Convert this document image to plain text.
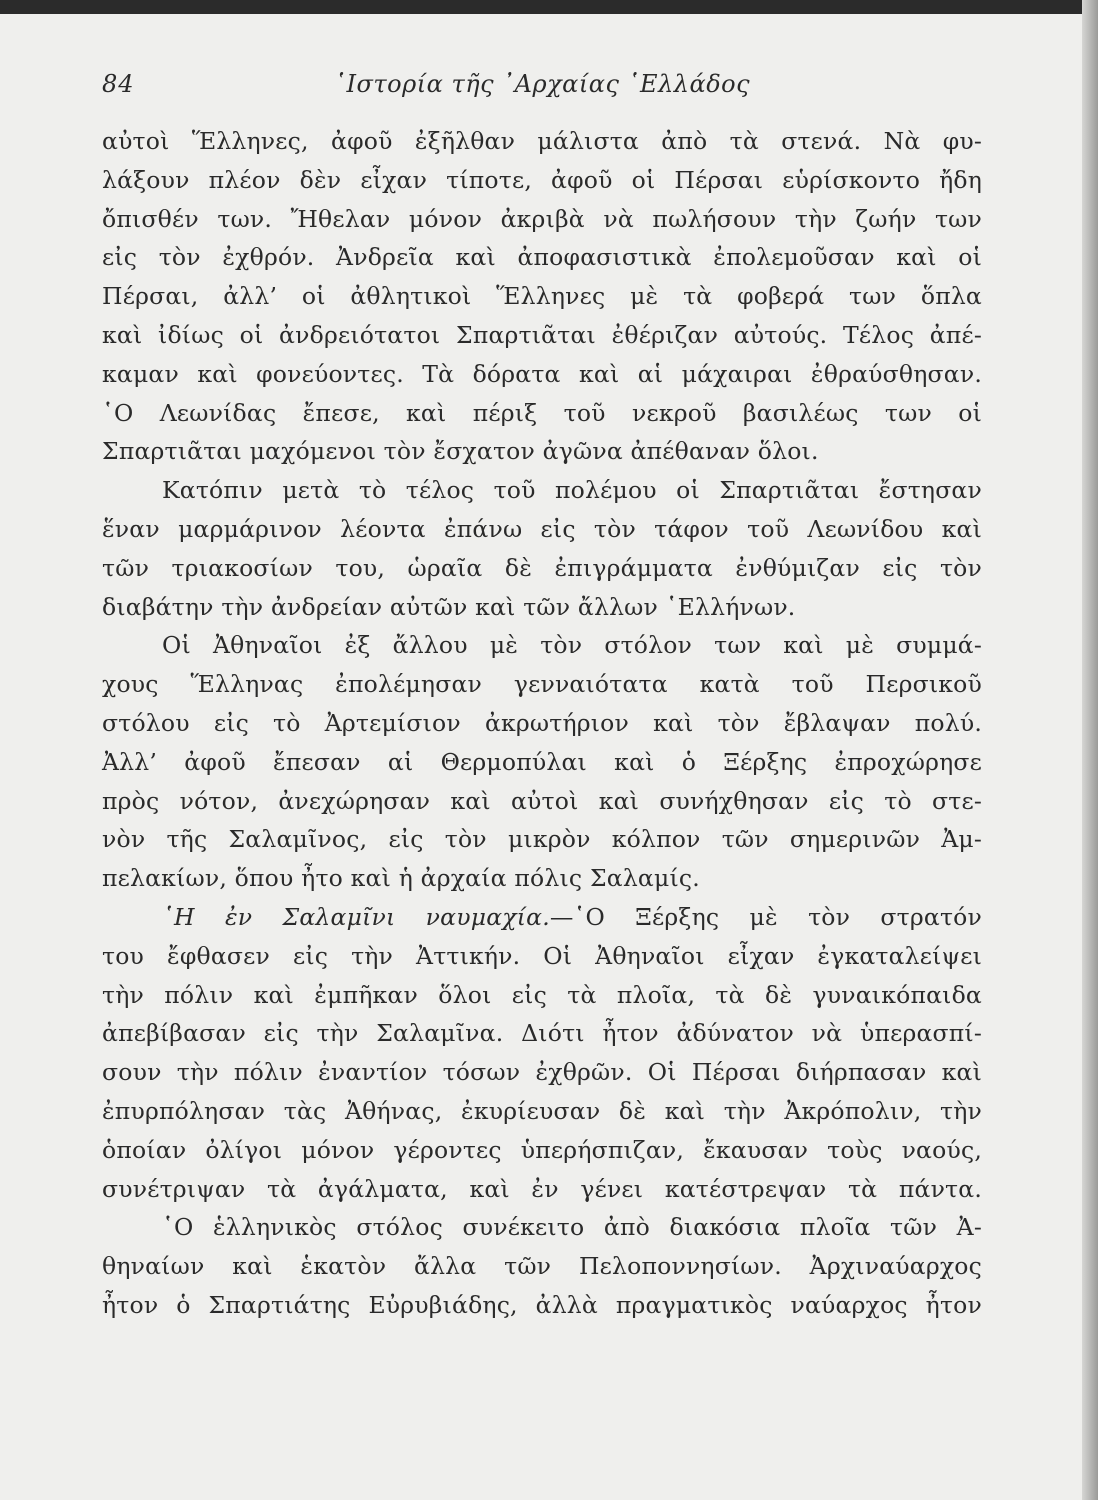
84	῾Ιστορία τῆς ᾿Αρχαίας ῾Ελλάδος
αὐτοὶ Ἕλληνες, ἀφοῦ ἐξῆλθαν μάλιστα ἀπὸ τὰ στενά. Νὰ φυ-
λάξουν πλέον δὲν εἶχαν τίποτε, ἀφοῦ οἱ Πέρσαι εὑρίσκοντο ἤδη
ὄπισθέν των. Ἤθελαν μόνον ἀκριβὰ νὰ πωλήσουν τὴν ζωήν των
εἰς τὸν ἐχθρόν. Ἀνδρεῖα καὶ ἀποφασιστικὰ ἐπολεμοῦσαν καὶ οἱ
Πέρσαι, ἀλλ’ οἱ ἀθλητικοὶ Ἕλληνες μὲ τὰ φοβερά των ὅπλα
καὶ ἰδίως οἱ ἀνδρειότατοι Σπαρτιᾶται ἐθέριζαν αὐτούς. Τέλος ἀπέ-
καμαν καὶ φονεύοντες. Τὰ δόρατα καὶ αἱ μάχαιραι ἐθραύσθησαν.
῾Ο Λεωνίδας ἔπεσε, καὶ πέριξ τοῦ νεκροῦ βασιλέως των οἱ
Σπαρτιᾶται μαχόμενοι τὸν ἔσχατον ἀγῶνα ἀπέθαναν ὅλοι.
Κατόπιν μετὰ τὸ τέλος τοῦ πολέμου οἱ Σπαρτιᾶται ἔστησαν
ἕναν μαρμάρινον λέοντα ἐπάνω εἰς τὸν τάφον τοῦ Λεωνίδου καὶ
τῶν τριακοσίων του, ὡραῖα δὲ ἐπιγράμματα ἐνθύμιζαν εἰς τὸν
διαβάτην τὴν ἀνδρείαν αὐτῶν καὶ τῶν ἄλλων ῾Ελλήνων.
Οἱ Ἀθηναῖοι ἐξ ἄλλου μὲ τὸν στόλον των καὶ μὲ συμμά-
χους Ἕλληνας ἐπολέμησαν γενναιότατα κατὰ τοῦ Περσικοῦ
στόλου εἰς τὸ Ἀρτεμίσιον ἀκρωτήριον καὶ τὸν ἔβλαψαν πολύ.
Ἀλλ’ ἀφοῦ ἔπεσαν αἱ Θερμοπύλαι καὶ ὁ Ξέρξης ἐπροχώρησε
πρὸς νότον, ἀνεχώρησαν καὶ αὐτοὶ καὶ συνήχθησαν εἰς τὸ στε-
νὸν τῆς Σαλαμῖνος, εἰς τὸν μικρὸν κόλπον τῶν σημερινῶν Ἀμ-
πελακίων, ὅπου ἦτο καὶ ἡ ἀρχαία πόλις Σαλαμίς.
῾Η ἐν Σαλαμῖνι ναυμαχία.—῾Ο Ξέρξης μὲ τὸν στρατόν
του ἔφθασεν εἰς τὴν Ἀττικήν. Οἱ Ἀθηναῖοι εἶχαν ἐγκαταλείψει
τὴν πόλιν καὶ ἐμπῆκαν ὅλοι εἰς τὰ πλοῖα, τὰ δὲ γυναικόπαιδα
ἀπεβίβασαν εἰς τὴν Σαλαμῖνα. Διότι ἦτον ἀδύνατον νὰ ὑπερασπί-
σουν τὴν πόλιν ἐναντίον τόσων ἐχθρῶν. Οἱ Πέρσαι διήρπασαν καὶ
ἐπυρπόλησαν τὰς Ἀθήνας, ἐκυρίευσαν δὲ καὶ τὴν Ἀκρόπολιν, τὴν
ὁποίαν ὀλίγοι μόνον γέροντες ὑπερήσπιζαν, ἔκαυσαν τοὺς ναούς,
συνέτριψαν τὰ ἀγάλματα, καὶ ἐν γένει κατέστρεψαν τὰ πάντα.
῾Ο ἑλληνικὸς στόλος συνέκειτο ἀπὸ διακόσια πλοῖα τῶν Ἀ-
θηναίων καὶ ἑκατὸν ἄλλα τῶν Πελοποννησίων. Ἀρχιναύαρχος
ἦτον ὁ Σπαρτιάτης Εὐρυβιάδης, ἀλλὰ πραγματικὸς ναύαρχος ἦτον
